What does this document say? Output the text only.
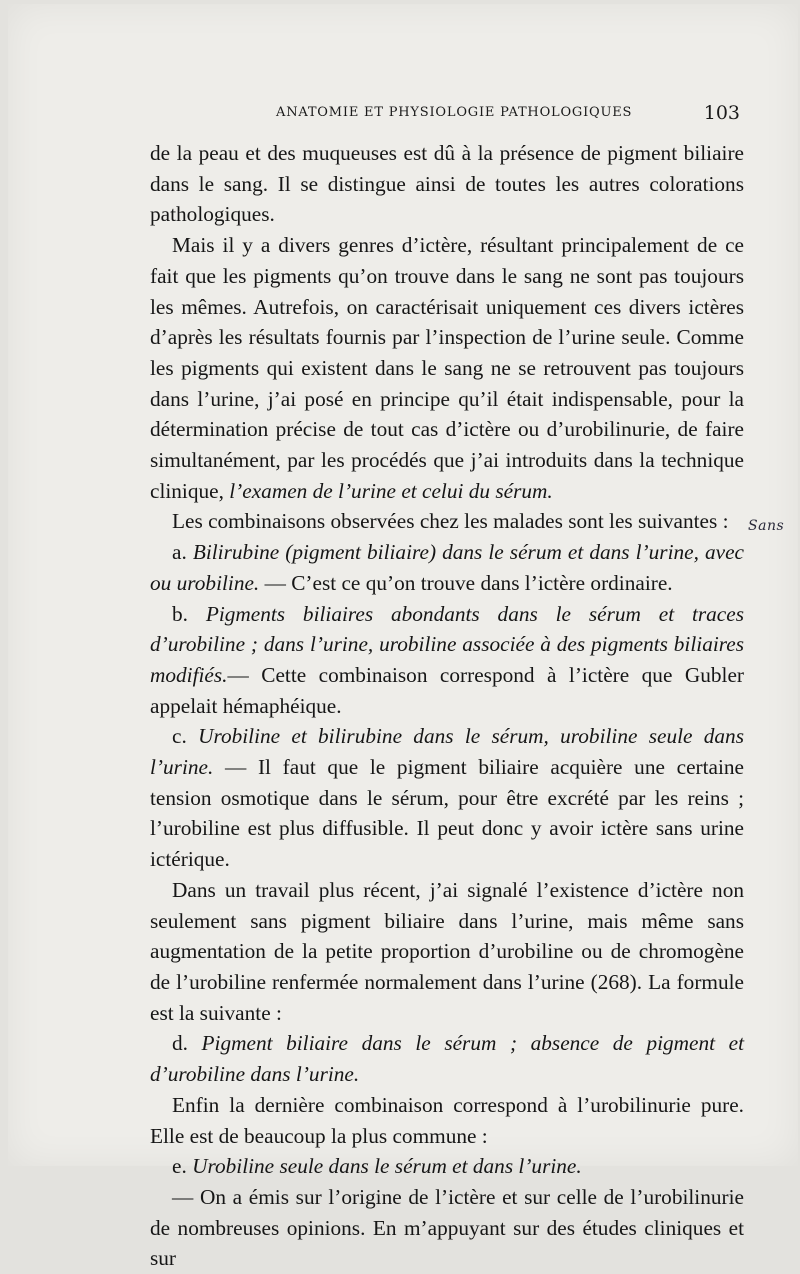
ANATOMIE ET PHYSIOLOGIE PATHOLOGIQUES	103

de la peau et des muqueuses est dû à la présence de pigment biliaire dans le sang. Il se distingue ainsi de toutes les autres colorations pathologiques.

Mais il y a divers genres d’ictère, résultant principalement de ce fait que les pigments qu’on trouve dans le sang ne sont pas toujours les mêmes. Autrefois, on caractérisait uniquement ces divers ictères d’après les résultats fournis par l’inspection de l’urine seule. Comme les pigments qui existent dans le sang ne se retrouvent pas toujours dans l’urine, j’ai posé en principe qu’il était indispensable, pour la détermination précise de tout cas d’ictère ou d’urobilinurie, de faire simultanément, par les procédés que j’ai introduits dans la technique clinique, l’examen de l’urine et celui du sérum.

Les combinaisons observées chez les malades sont les suivantes :

a. Bilirubine (pigment biliaire) dans le sérum et dans l’urine, avec ou urobiline. — C’est ce qu’on trouve dans l’ictère ordinaire.

b. Pigments biliaires abondants dans le sérum et traces d’urobiline ; dans l’urine, urobiline associée à des pigments biliaires modifiés.— Cette combinaison correspond à l’ictère que Gubler appelait hémaphéique.

c. Urobiline et bilirubine dans le sérum, urobiline seule dans l’urine. — Il faut que le pigment biliaire acquière une certaine tension osmotique dans le sérum, pour être excrété par les reins ; l’urobiline est plus diffusible. Il peut donc y avoir ictère sans urine ictérique.

Dans un travail plus récent, j’ai signalé l’existence d’ictère non seulement sans pigment biliaire dans l’urine, mais même sans augmentation de la petite proportion d’urobiline ou de chromogène de l’urobiline renfermée normalement dans l’urine (268). La formule est la suivante :

d. Pigment biliaire dans le sérum ; absence de pigment et d’urobiline dans l’urine.

Enfin la dernière combinaison correspond à l’urobilinurie pure. Elle est de beaucoup la plus commune :

e. Urobiline seule dans le sérum et dans l’urine.

— On a émis sur l’origine de l’ictère et sur celle de l’urobilinurie de nombreuses opinions. En m’appuyant sur des études cliniques et sur

Sans
